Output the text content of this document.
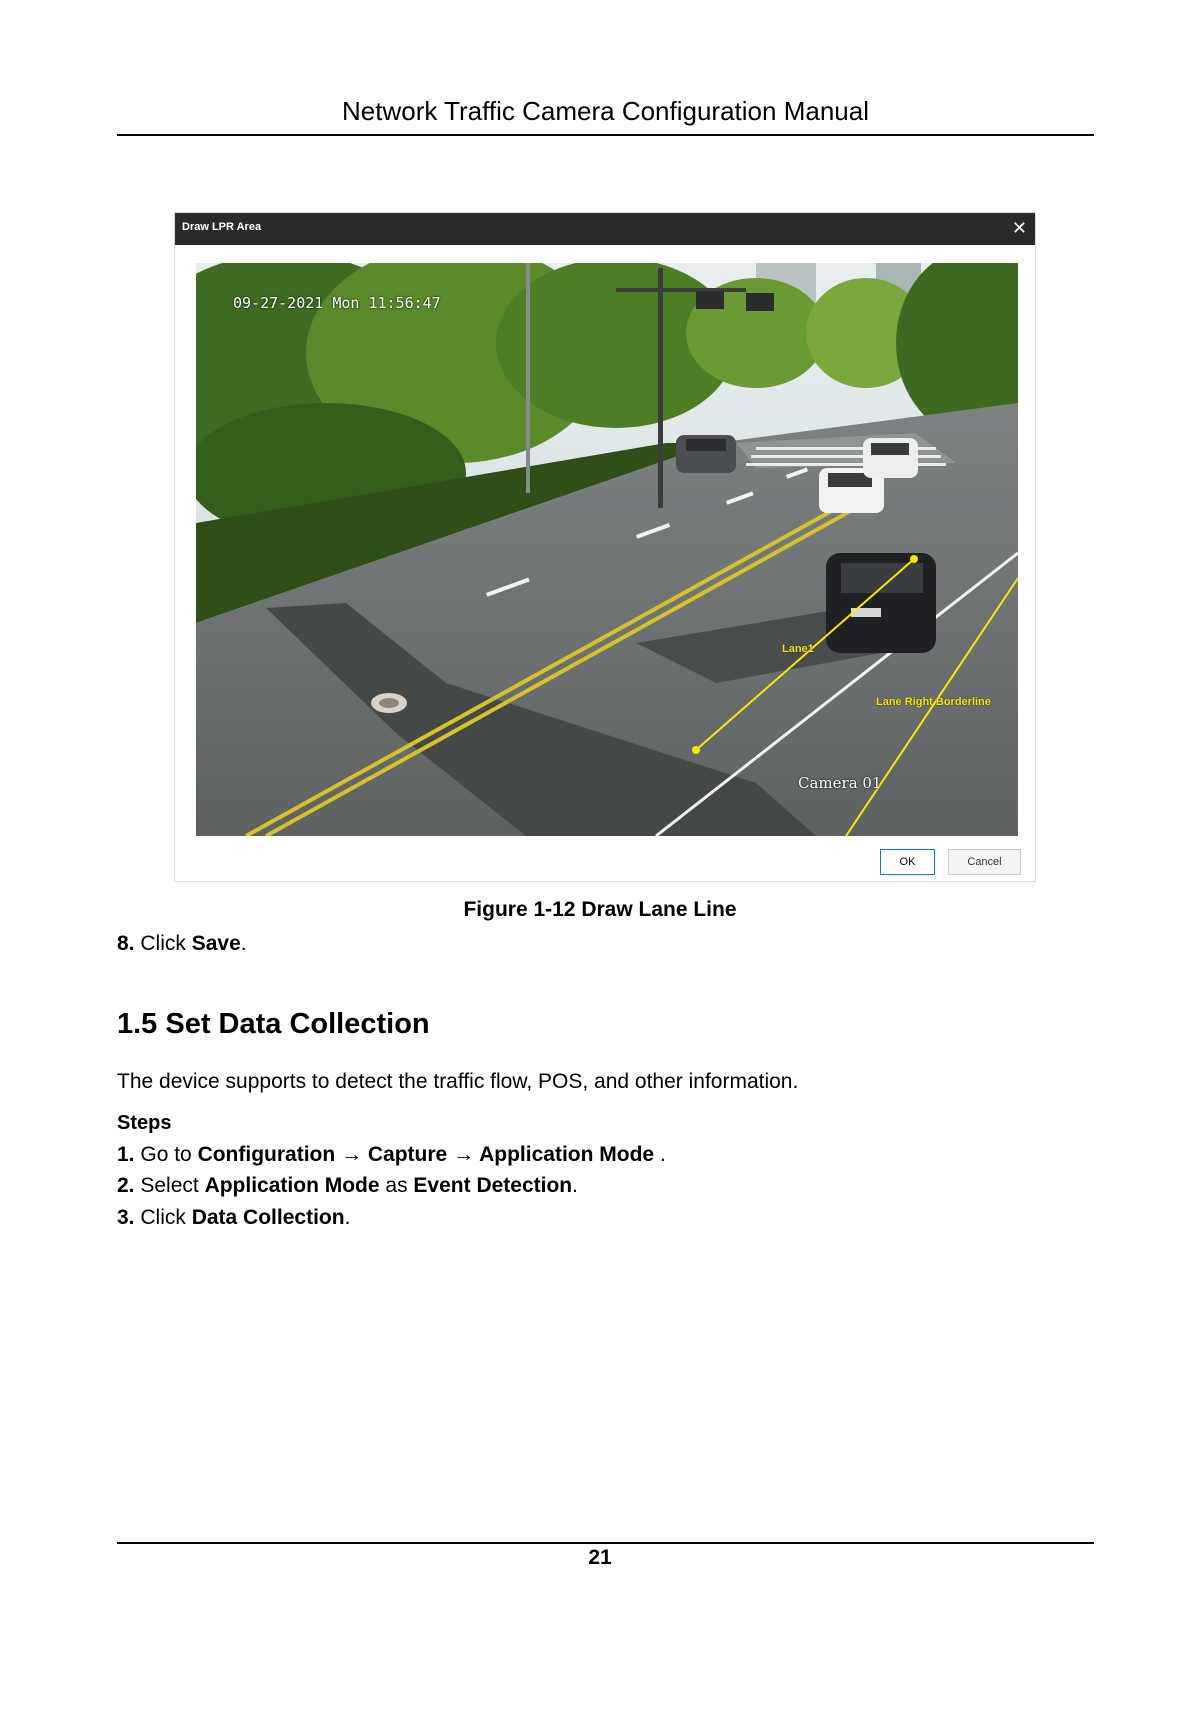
Network Traffic Camera Configuration Manual
Draw LPR Area	✕
09-27-2021 Mon 11:56:47
Camera 01
Lane1
Lane Right Borderline
OK	Cancel
Figure 1-12 Draw Lane Line
8. Click Save.
1.5 Set Data Collection
The device supports to detect the traffic flow, POS, and other information.
Steps
1. Go to Configuration → Capture → Application Mode .
2. Select Application Mode as Event Detection.
3. Click Data Collection.
21
